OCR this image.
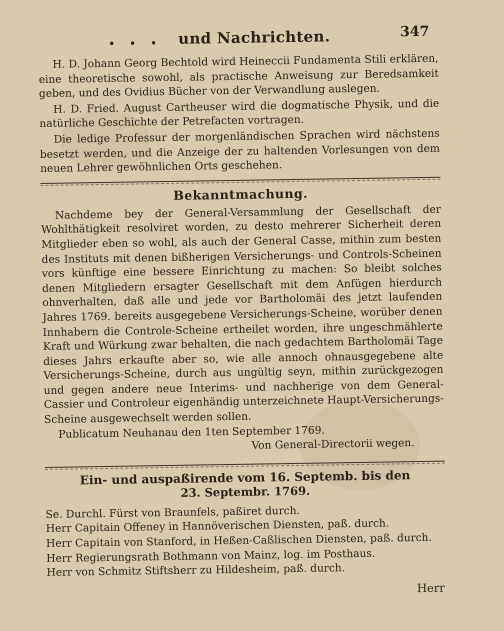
• • • und Nachrichten.	347

H. D. Johann Georg Bechtold wird Heineccii Fundamenta Stili erklären, eine theoretische sowohl, als practische Anweisung zur Beredsamkeit geben, und des Ovidius Bücher von der Verwandlung auslegen.

H. D. Fried. August Cartheuser wird die dogmatische Physik, und die natürliche Geschichte der Petrefacten vortragen.

Die ledige Professur der morgenländischen Sprachen wird nächstens besetzt werden, und die Anzeige der zu haltenden Vorlesungen von dem neuen Lehrer gewöhnlichen Orts geschehen.

Bekanntmachung.

Nachdeme bey der General-Versammlung der Gesellschaft der Wohlthätigkeit resolviret worden, zu desto mehrerer Sicherheit deren Mitglieder eben so wohl, als auch der General Casse, mithin zum besten des Instituts mit denen bißherigen Versicherungs- und Controls-Scheinen vors künftige eine bessere Einrichtung zu machen: So bleibt solches denen Mitgliedern ersagter Gesellschaft mit dem Anfügen hierdurch ohnverhalten, daß alle und jede vor Bartholomäi des jetzt laufenden Jahres 1769. bereits ausgegebene Versicherungs-Scheine, worüber denen Innhabern die Controle-Scheine ertheilet worden, ihre ungeschmählerte Kraft und Würkung zwar behalten, die nach gedachtem Bartholomäi Tage dieses Jahrs erkaufte aber so, wie alle annoch ohnausgegebene alte Versicherungs-Scheine, durch aus ungültig seyn, mithin zurückgezogen und gegen andere neue Interims- und nachherige von dem General-Cassier und Controleur eigenhändig unterzeichnete Haupt-Versicherungs-Scheine ausgewechselt werden sollen.

Publicatum Neuhanau den 1ten September 1769.

Von General-Directorii wegen.

Ein- und auspaßirende vom 16. Septemb. bis den
23. Septembr. 1769.

Se. Durchl. Fürst von Braunfels, paßiret durch.

Herr Capitain Offeney in Hannöverischen Diensten, paß. durch.

Herr Capitain von Stanford, in Heßen-Caßlischen Diensten, paß. durch.

Herr Regierungsrath Bothmann von Mainz, log. im Posthaus.

Herr von Schmitz Stiftsherr zu Hildesheim, paß. durch.

Herr
